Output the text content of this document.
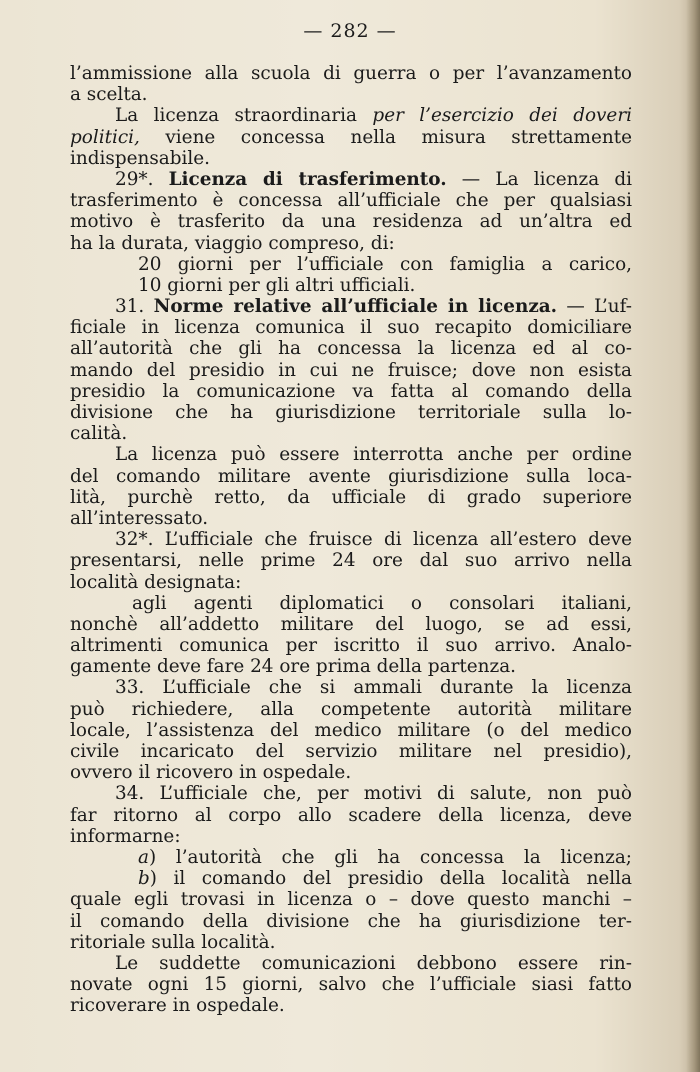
— 282 —
l’ammissione alla scuola di guerra o per l’avanzamento
a scelta.
La licenza straordinaria per l’esercizio dei doveri
politici, viene concessa nella misura strettamente
indispensabile.
29*. Licenza di trasferimento. — La licenza di
trasferimento è concessa all’ufficiale che per qualsiasi
motivo è trasferito da una residenza ad un’altra ed
ha la durata, viaggio compreso, di:
20 giorni per l’ufficiale con famiglia a carico,
10 giorni per gli altri ufficiali.
31. Norme relative all’ufficiale in licenza. — L’uf-
ficiale in licenza comunica il suo recapito domiciliare
all’autorità che gli ha concessa la licenza ed al co-
mando del presidio in cui ne fruisce; dove non esista
presidio la comunicazione va fatta al comando della
divisione che ha giurisdizione territoriale sulla lo-
calità.
La licenza può essere interrotta anche per ordine
del comando militare avente giurisdizione sulla loca-
lità, purchè retto, da ufficiale di grado superiore
all’interessato.
32*. L’ufficiale che fruisce di licenza all’estero deve
presentarsi, nelle prime 24 ore dal suo arrivo nella
località designata:
agli agenti diplomatici o consolari italiani,
nonchè all’addetto militare del luogo, se ad essi,
altrimenti comunica per iscritto il suo arrivo. Analo-
gamente deve fare 24 ore prima della partenza.
33. L’ufficiale che si ammali durante la licenza
può richiedere, alla competente autorità militare
locale, l’assistenza del medico militare (o del medico
civile incaricato del servizio militare nel presidio),
ovvero il ricovero in ospedale.
34. L’ufficiale che, per motivi di salute, non può
far ritorno al corpo allo scadere della licenza, deve
informarne:
a) l’autorità che gli ha concessa la licenza;
b) il comando del presidio della località nella
quale egli trovasi in licenza o – dove questo manchi –
il comando della divisione che ha giurisdizione ter-
ritoriale sulla località.
Le suddette comunicazioni debbono essere rin-
novate ogni 15 giorni, salvo che l’ufficiale siasi fatto
ricoverare in ospedale.
